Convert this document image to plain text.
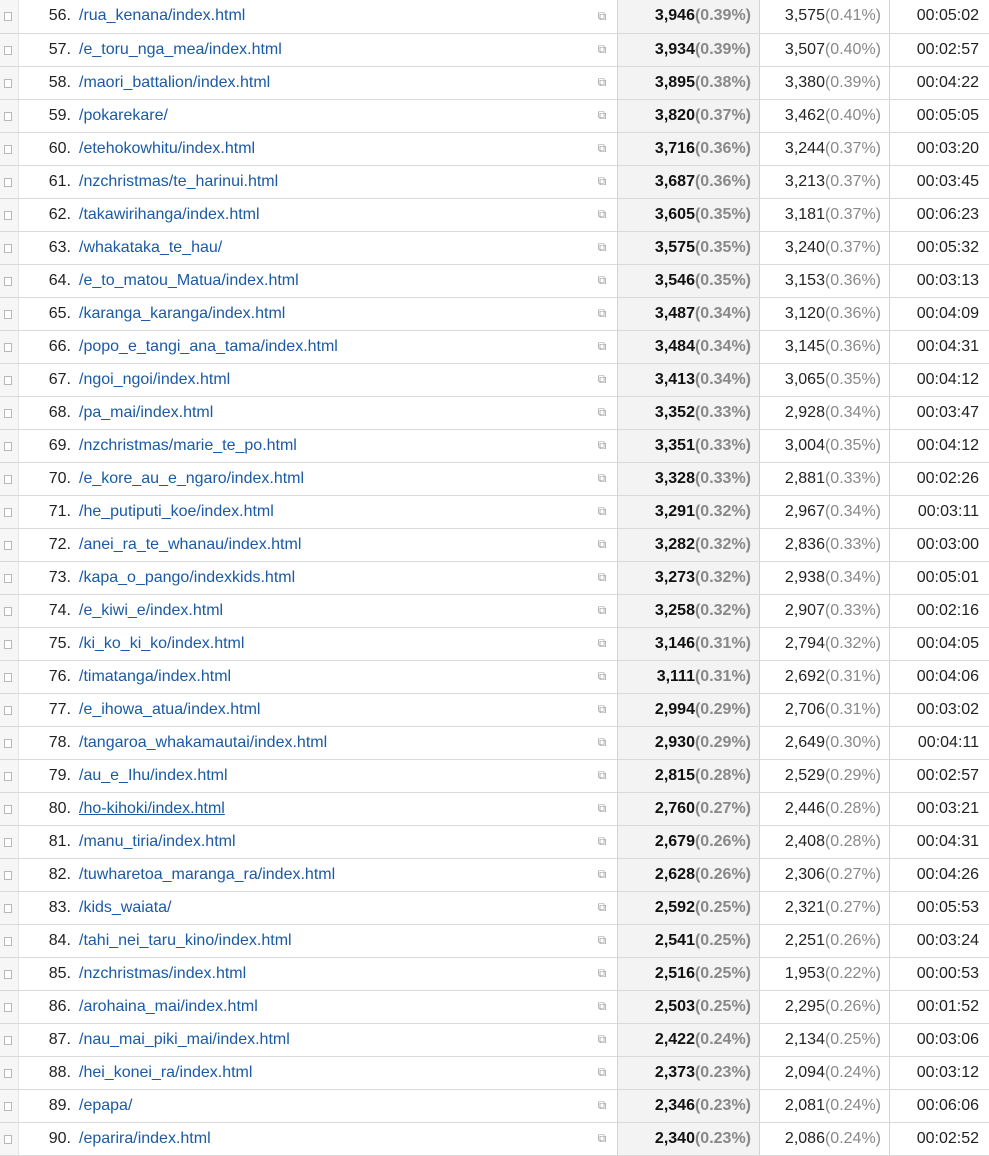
	56.	/rua_kenana/index.html	⧉	3,946(0.39%)	3,575(0.41%)	00:05:02

	57.	/e_toru_nga_mea/index.html	⧉	3,934(0.39%)	3,507(0.40%)	00:02:57

	58.	/maori_battalion/index.html	⧉	3,895(0.38%)	3,380(0.39%)	00:04:22

	59.	/pokarekare/	⧉	3,820(0.37%)	3,462(0.40%)	00:05:05

	60.	/etehokowhitu/index.html	⧉	3,716(0.36%)	3,244(0.37%)	00:03:20

	61.	/nzchristmas/te_harinui.html	⧉	3,687(0.36%)	3,213(0.37%)	00:03:45

	62.	/takawirihanga/index.html	⧉	3,605(0.35%)	3,181(0.37%)	00:06:23

	63.	/whakataka_te_hau/	⧉	3,575(0.35%)	3,240(0.37%)	00:05:32

	64.	/e_to_matou_Matua/index.html	⧉	3,546(0.35%)	3,153(0.36%)	00:03:13

	65.	/karanga_karanga/index.html	⧉	3,487(0.34%)	3,120(0.36%)	00:04:09

	66.	/popo_e_tangi_ana_tama/index.html	⧉	3,484(0.34%)	3,145(0.36%)	00:04:31

	67.	/ngoi_ngoi/index.html	⧉	3,413(0.34%)	3,065(0.35%)	00:04:12

	68.	/pa_mai/index.html	⧉	3,352(0.33%)	2,928(0.34%)	00:03:47

	69.	/nzchristmas/marie_te_po.html	⧉	3,351(0.33%)	3,004(0.35%)	00:04:12

	70.	/e_kore_au_e_ngaro/index.html	⧉	3,328(0.33%)	2,881(0.33%)	00:02:26

	71.	/he_putiputi_koe/index.html	⧉	3,291(0.32%)	2,967(0.34%)	00:03:11

	72.	/anei_ra_te_whanau/index.html	⧉	3,282(0.32%)	2,836(0.33%)	00:03:00

	73.	/kapa_o_pango/indexkids.html	⧉	3,273(0.32%)	2,938(0.34%)	00:05:01

	74.	/e_kiwi_e/index.html	⧉	3,258(0.32%)	2,907(0.33%)	00:02:16

	75.	/ki_ko_ki_ko/index.html	⧉	3,146(0.31%)	2,794(0.32%)	00:04:05

	76.	/timatanga/index.html	⧉	3,111(0.31%)	2,692(0.31%)	00:04:06

	77.	/e_ihowa_atua/index.html	⧉	2,994(0.29%)	2,706(0.31%)	00:03:02

	78.	/tangaroa_whakamautai/index.html	⧉	2,930(0.29%)	2,649(0.30%)	00:04:11

	79.	/au_e_Ihu/index.html	⧉	2,815(0.28%)	2,529(0.29%)	00:02:57

	80.	/ho-kihoki/index.html	⧉	2,760(0.27%)	2,446(0.28%)	00:03:21

	81.	/manu_tiria/index.html	⧉	2,679(0.26%)	2,408(0.28%)	00:04:31

	82.	/tuwharetoa_maranga_ra/index.html	⧉	2,628(0.26%)	2,306(0.27%)	00:04:26

	83.	/kids_waiata/	⧉	2,592(0.25%)	2,321(0.27%)	00:05:53

	84.	/tahi_nei_taru_kino/index.html	⧉	2,541(0.25%)	2,251(0.26%)	00:03:24

	85.	/nzchristmas/index.html	⧉	2,516(0.25%)	1,953(0.22%)	00:00:53

	86.	/arohaina_mai/index.html	⧉	2,503(0.25%)	2,295(0.26%)	00:01:52

	87.	/nau_mai_piki_mai/index.html	⧉	2,422(0.24%)	2,134(0.25%)	00:03:06

	88.	/hei_konei_ra/index.html	⧉	2,373(0.23%)	2,094(0.24%)	00:03:12

	89.	/epapa/	⧉	2,346(0.23%)	2,081(0.24%)	00:06:06

	90.	/eparira/index.html	⧉	2,340(0.23%)	2,086(0.24%)	00:02:52
